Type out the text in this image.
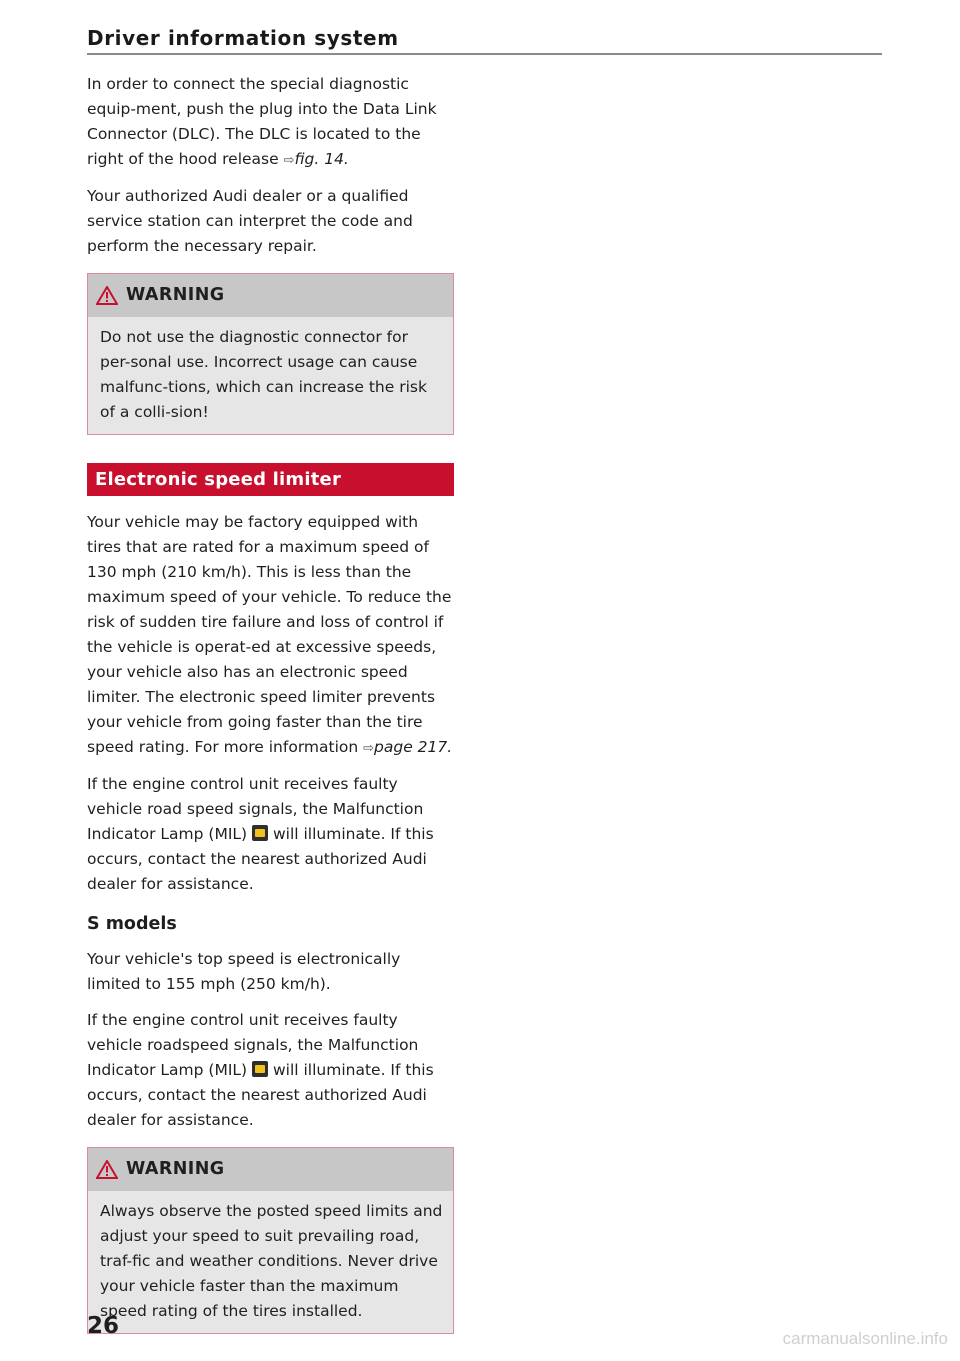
Driver information system

In order to connect the special diagnostic equip-ment, push the plug into the Data Link Connector (DLC). The DLC is located to the right of the hood release ⇨fig. 14.

Your authorized Audi dealer or a qualified service station can interpret the code and perform the necessary repair.

WARNING
Do not use the diagnostic connector for per-sonal use. Incorrect usage can cause malfunc-tions, which can increase the risk of a colli-sion!
Electronic speed limiter

Your vehicle may be factory equipped with tires that are rated for a maximum speed of 130 mph (210 km/h). This is less than the maximum speed of your vehicle. To reduce the risk of sudden tire failure and loss of control if the vehicle is operat-ed at excessive speeds, your vehicle also has an electronic speed limiter. The electronic speed limiter prevents your vehicle from going faster than the tire speed rating. For more information ⇨page 217.

If the engine control unit receives faulty vehicle road speed signals, the Malfunction Indicator Lamp (MIL)  will illuminate. If this occurs, contact the nearest authorized Audi dealer for assistance.

S models

Your vehicle's top speed is electronically limited to 155 mph (250 km/h).

If the engine control unit receives faulty vehicle roadspeed signals, the Malfunction Indicator Lamp (MIL)  will illuminate. If this occurs, contact the nearest authorized Audi dealer for assistance.

WARNING
Always observe the posted speed limits and adjust your speed to suit prevailing road, traf-fic and weather conditions. Never drive your vehicle faster than the maximum speed rating of the tires installed.
26	carmanualsonline.info
